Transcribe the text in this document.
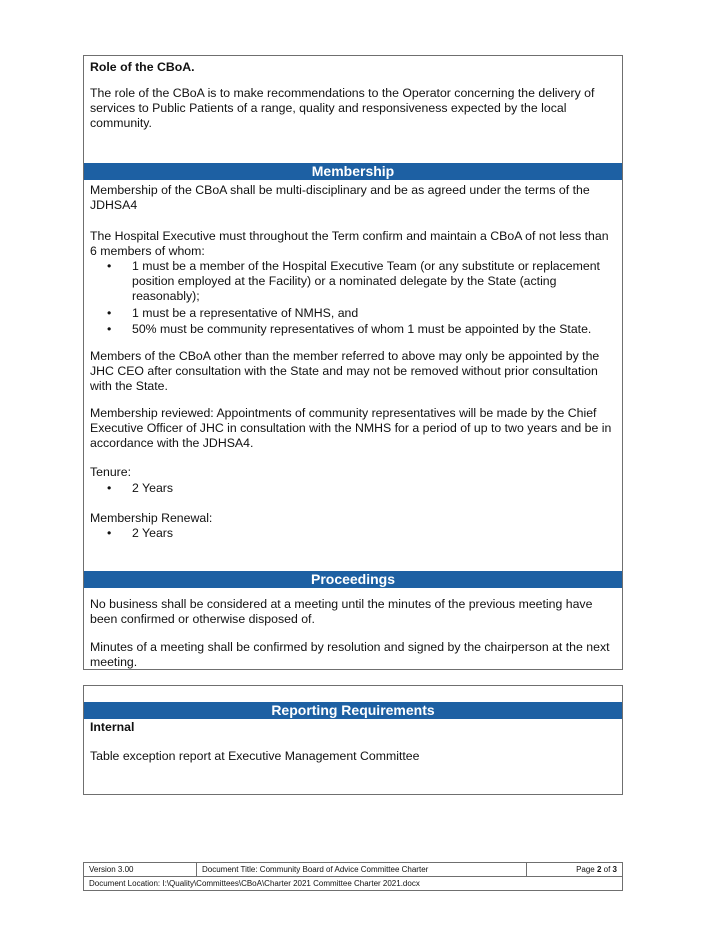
Role of the CBoA.

The role of the CBoA is to make recommendations to the Operator concerning the delivery of services to Public Patients of a range, quality and responsiveness expected by the local community.

Membership

Membership of the CBoA shall be multi-disciplinary and be as agreed under the terms of the JDHSA4

The Hospital Executive must throughout the Term confirm and maintain a CBoA of not less than 6 members of whom:

• 1 must be a member of the Hospital Executive Team (or any substitute or replacement position employed at the Facility) or a nominated delegate by the State (acting reasonably);
• 1 must be a representative of NMHS, and
• 50% must be community representatives of whom 1 must be appointed by the State.

Members of the CBoA other than the member referred to above may only be appointed by the JHC CEO after consultation with the State and may not be removed without prior consultation with the State.

Membership reviewed: Appointments of community representatives will be made by the Chief Executive Officer of JHC in consultation with the NMHS for a period of up to two years and be in accordance with the JDHSA4.

Tenure:

• 2 Years

Membership Renewal:

• 2 Years
Proceedings

No business shall be considered at a meeting until the minutes of the previous meeting have been confirmed or otherwise disposed of.

Minutes of a meeting shall be confirmed by resolution and signed by the chairperson at the next meeting.

Reporting Requirements

Internal

Table exception report at Executive Management Committee

Version 3.00	Document Title: Community Board of Advice Committee Charter	Page 2 of 3
Document Location: I:\Quality\Committees\CBoA\Charter 2021 Committee Charter 2021.docx
